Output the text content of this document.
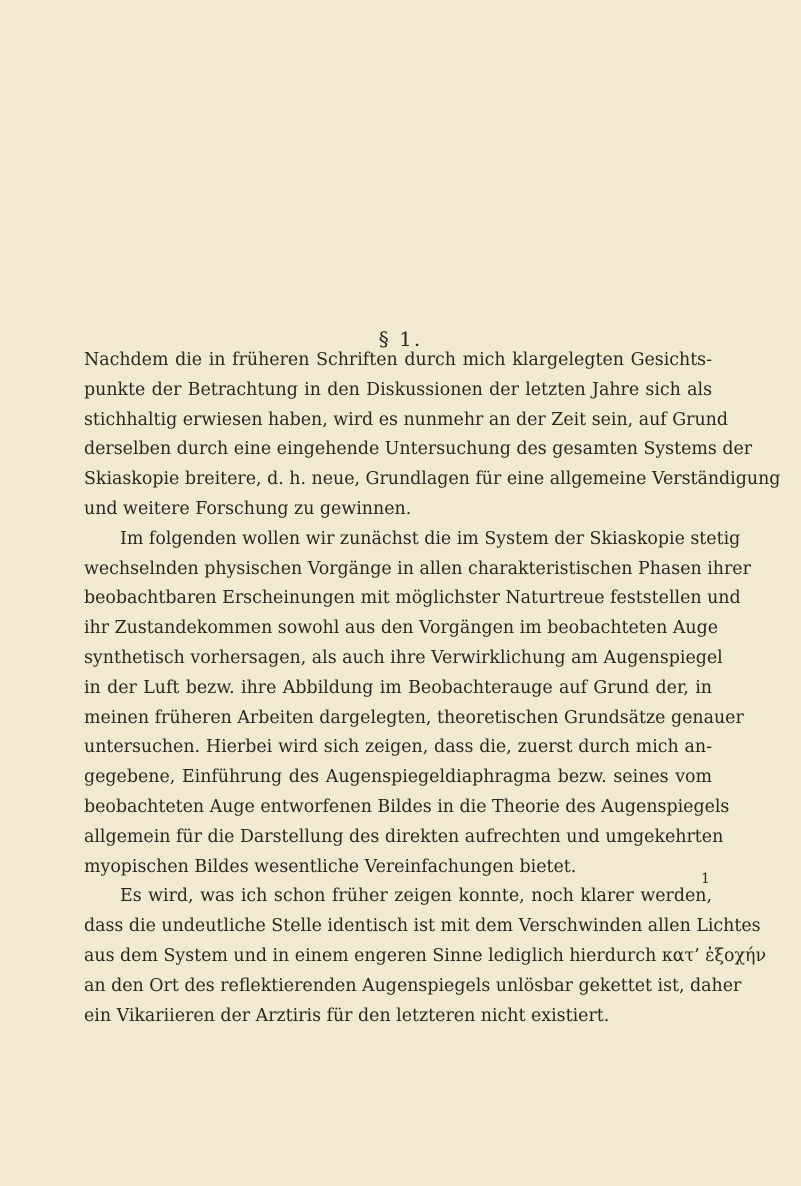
§ 1.
Nachdem die in früheren Schriften durch mich klargelegten Gesichts-
punkte der Betrachtung in den Diskussionen der letzten Jahre sich als
stichhaltig erwiesen haben, wird es nunmehr an der Zeit sein, auf Grund
derselben durch eine eingehende Untersuchung des gesamten Systems der
Skiaskopie breitere, d. h. neue, Grundlagen für eine allgemeine Verständigung
und weitere Forschung zu gewinnen.
Im folgenden wollen wir zunächst die im System der Skiaskopie stetig
wechselnden physischen Vorgänge in allen charakteristischen Phasen ihrer
beobachtbaren Erscheinungen mit möglichster Naturtreue feststellen und
ihr Zustandekommen sowohl aus den Vorgängen im beobachteten Auge
synthetisch vorhersagen, als auch ihre Verwirklichung am Augenspiegel
in der Luft bezw. ihre Abbildung im Beobachterauge auf Grund der, in
meinen früheren Arbeiten dargelegten, theoretischen Grundsätze genauer
untersuchen. Hierbei wird sich zeigen, dass die, zuerst durch mich an-
gegebene, Einführung des Augenspiegeldiaphragma bezw. seines vom
beobachteten Auge entworfenen Bildes in die Theorie des Augenspiegels
allgemein für die Darstellung des direkten aufrechten und umgekehrten
myopischen Bildes wesentliche Vereinfachungen bietet.
Es wird, was ich schon früher zeigen konnte, noch klarer werden,
dass die undeutliche Stelle identisch ist mit dem Verschwinden allen Lichtes
aus dem System und in einem engeren Sinne lediglich hierdurch κατ’ ἐξοχήν
an den Ort des reflektierenden Augenspiegels unlösbar gekettet ist, daher
ein Vikariieren der Arztiris für den letzteren nicht existiert.
1
